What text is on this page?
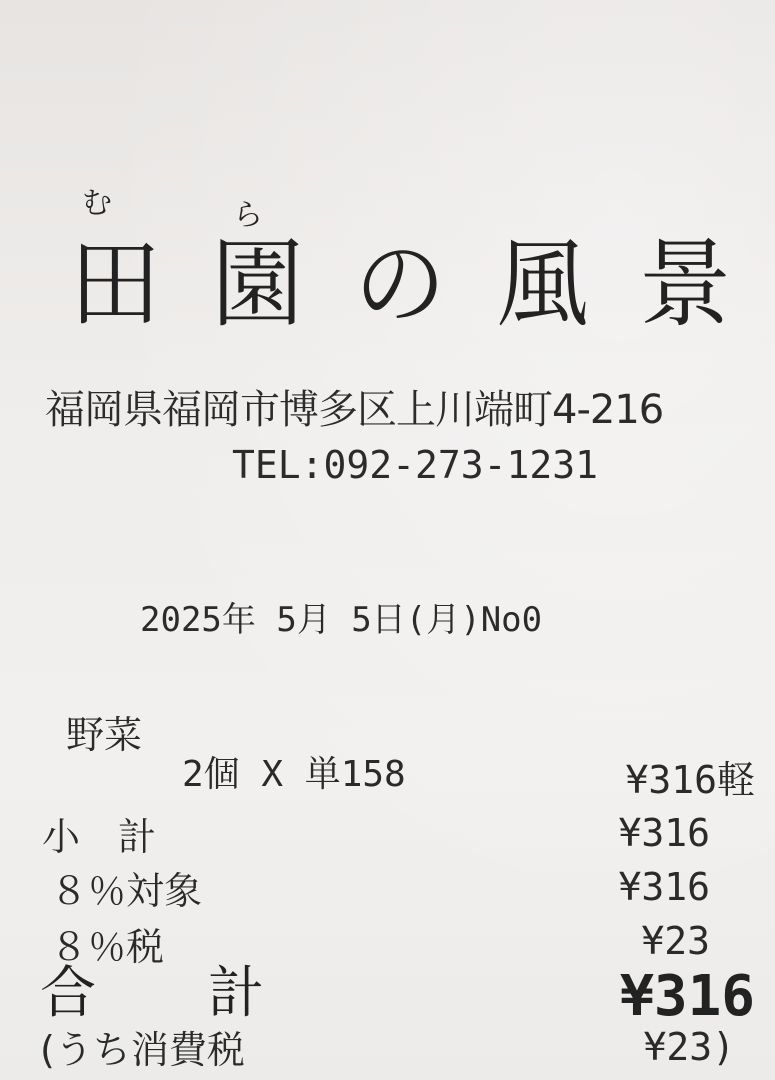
む	ら
田 園 の 風 景
福岡県福岡市博多区上川端町4-216
TEL:092-273-1231
2025年 5月 5日(月)No0
野菜
2個 X 単158	¥316軽
小　計	¥316
８％対象	¥316
８％税	¥23
合　　計	¥316
(うち消費税	¥23)
